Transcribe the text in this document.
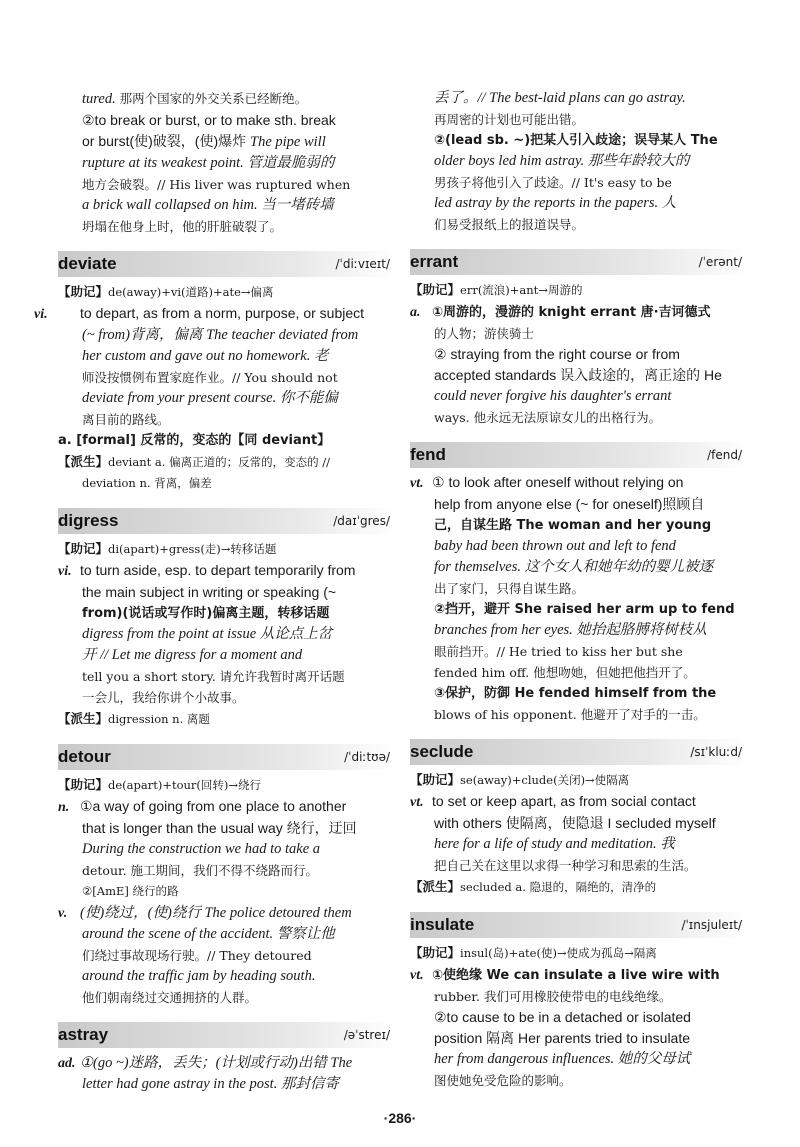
tured. 那两个国家的外交关系已经断绝。

②to break or burst, or to make sth. break

or burst(使)破裂，(使)爆炸 The pipe will

rupture at its weakest point. 管道最脆弱的

地方会破裂。// His liver was ruptured when

a brick wall collapsed on him. 当一堵砖墙

坍塌在他身上时，他的肝脏破裂了。

deviate	/ˈdiːvɪeɪt/

【助记】de(away)+vi(道路)+ate→偏离

vi. to depart, as from a norm, purpose, or subject

(~ from)背离，偏离 The teacher deviated from

her custom and gave out no homework. 老

师没按惯例布置家庭作业。// You should not

deviate from your present course. 你不能偏

离目前的路线。

a. [formal] 反常的，变态的【同 deviant】

【派生】deviant a. 偏离正道的；反常的，变态的 //

deviation n. 背离，偏差

digress	/daɪˈgres/

【助记】di(apart)+gress(走)→转移话题

vi. to turn aside, esp. to depart temporarily from

the main subject in writing or speaking (~

from)(说话或写作时)偏离主题，转移话题

digress from the point at issue 从论点上岔

开 // Let me digress for a moment and

tell you a short story. 请允许我暂时离开话题

一会儿，我给你讲个小故事。

【派生】digression n. 离题

detour	/ˈdiːtʊə/

【助记】de(apart)+tour(回转)→绕行

n. ①a way of going from one place to another

that is longer than the usual way 绕行，迂回

During the construction we had to take a

detour. 施工期间，我们不得不绕路而行。

②[AmE] 绕行的路

v. (使)绕过，(使)绕行 The police detoured them

around the scene of the accident. 警察让他

们绕过事故现场行驶。// They detoured

around the traffic jam by heading south.

他们朝南绕过交通拥挤的人群。

astray	/əˈstreɪ/

ad. ①(go ~)迷路，丢失；(计划或行动)出错 The

letter had gone astray in the post. 那封信寄

丢了。// The best-laid plans can go astray.

再周密的计划也可能出错。

②(lead sb. ~)把某人引入歧途；误导某人 The

older boys led him astray. 那些年龄较大的

男孩子将他引入了歧途。// It's easy to be

led astray by the reports in the papers. 人

们易受报纸上的报道误导。

errant	/ˈerənt/

【助记】err(流浪)+ant→周游的

a. ①周游的，漫游的 knight errant 唐·吉诃德式

的人物；游侠骑士

② straying from the right course or from

accepted standards 误入歧途的，离正途的 He

could never forgive his daughter's errant

ways. 他永远无法原谅女儿的出格行为。

fend	/fend/

vt. ① to look after oneself without relying on

help from anyone else (~ for oneself)照顾自

己，自谋生路 The woman and her young

baby had been thrown out and left to fend

for themselves. 这个女人和她年幼的婴儿被逐

出了家门，只得自谋生路。

②挡开，避开 She raised her arm up to fend

branches from her eyes. 她抬起胳膊将树枝从

眼前挡开。// He tried to kiss her but she

fended him off. 他想吻她，但她把他挡开了。

③保护，防御 He fended himself from the

blows of his opponent. 他避开了对手的一击。

seclude	/sɪˈkluːd/

【助记】se(away)+clude(关闭)→使隔离

vt. to set or keep apart, as from social contact

with others 使隔离，使隐退 I secluded myself

here for a life of study and meditation. 我

把自己关在这里以求得一种学习和思索的生活。

【派生】secluded a. 隐退的，隔绝的，清净的

insulate	/ˈɪnsjuleɪt/

【助记】insul(岛)+ate(使)→使成为孤岛→隔离

vt. ①使绝缘 We can insulate a live wire with

rubber. 我们可用橡胶使带电的电线绝缘。

②to cause to be in a detached or isolated

position 隔离 Her parents tried to insulate

her from dangerous influences. 她的父母试

图使她免受危险的影响。

·286·
